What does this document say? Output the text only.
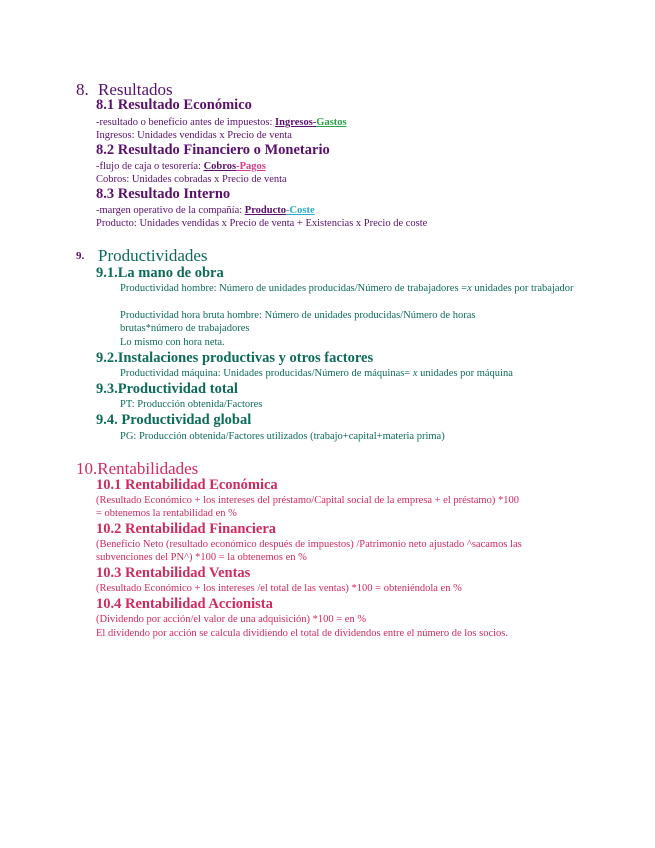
8. Resultados
8.1 Resultado Económico
-resultado o beneficio antes de impuestos: Ingresos-Gastos
Ingresos: Unidades vendidas x Precio de venta
8.2 Resultado Financiero o Monetario
-flujo de caja o tesorería: Cobros-Pagos
Cobros: Unidades cobradas x Precio de venta
8.3 Resultado Interno
-margen operativo de la compañía: Producto-Coste
Producto: Unidades vendidas x Precio de venta + Existencias x Precio de coste
9. Productividades
9.1.La mano de obra
Productividad hombre: Número de unidades producidas/Número de trabajadores =x unidades por trabajador
Productividad hora bruta hombre: Número de unidades producidas/Número de horas brutas*número de trabajadores
Lo mismo con hora neta.
9.2.Instalaciones productivas y otros factores
Productividad máquina: Unidades producidas/Número de máquinas= x unidades por máquina
9.3.Productividad total
PT: Producción obtenida/Factores
9.4. Productividad global
PG: Producción obtenida/Factores utilizados (trabajo+capital+materia prima)
10.Rentabilidades
10.1 Rentabilidad Económica
(Resultado Económico + los intereses del préstamo/Capital social de la empresa + el préstamo) *100
= obtenemos la rentabilidad en %
10.2 Rentabilidad Financiera
(Beneficio Neto (resultado económico después de impuestos) /Patrimonio neto ajustado ^sacamos las
subvenciones del PN^) *100 = la obtenemos en %
10.3 Rentabilidad Ventas
(Resultado Económico + los intereses /el total de las ventas) *100 = obteniéndola en %
10.4 Rentabilidad Accionista
(Dividendo por acción/el valor de una adquisición) *100 = en %
El dividendo por acción se calcula dividiendo el total de dividendos entre el número de los socios.
